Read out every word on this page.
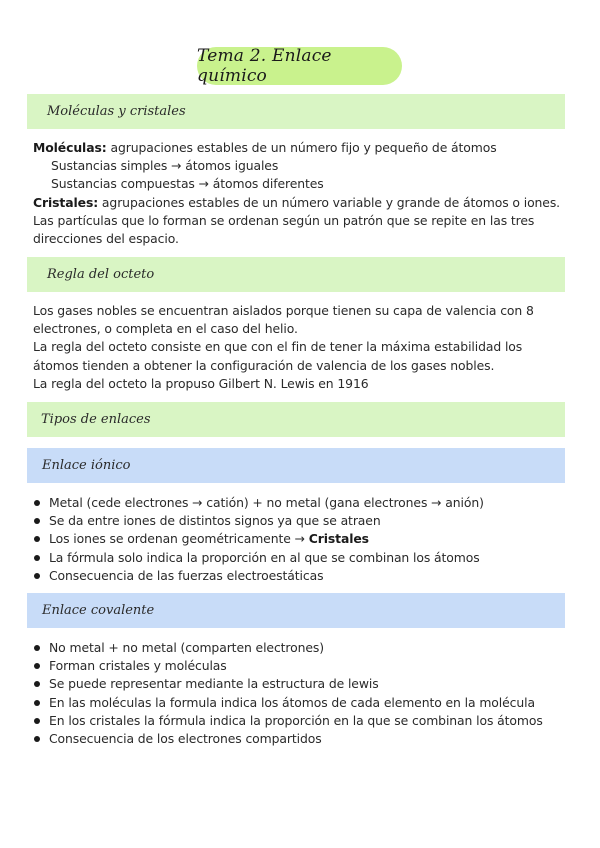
Tema 2. Enlace químico
Moléculas y cristales

Moléculas: agrupaciones estables de un número fijo y pequeño de átomos

Sustancias simples → átomos iguales

Sustancias compuestas → átomos diferentes

Cristales: agrupaciones estables de un número variable y grande de átomos o iones. Las partículas que lo forman se ordenan según un patrón que se repite en las tres direcciones del espacio.

Regla del octeto

Los gases nobles se encuentran aislados porque tienen su capa de valencia con 8 electrones, o completa en el caso del helio.

La regla del octeto consiste en que con el fin de tener la máxima estabilidad los átomos tienden a obtener la configuración de valencia de los gases nobles.

La regla del octeto la propuso Gilbert N. Lewis en 1916

Tipos de enlaces
Enlace iónico
Metal (cede electrones → catión) + no metal (gana electrones → anión)
Se da entre iones de distintos signos ya que se atraen
Los iones se ordenan geométricamente → Cristales
La fórmula solo indica la proporción en al que se combinan los átomos
Consecuencia de las fuerzas electroestáticas
Enlace covalente
No metal + no metal (comparten electrones)
Forman cristales y moléculas
Se puede representar mediante la estructura de lewis
En las moléculas la formula indica los átomos de cada elemento en la molécula
En los cristales la fórmula indica la proporción en la que se combinan los átomos
Consecuencia de los electrones compartidos
